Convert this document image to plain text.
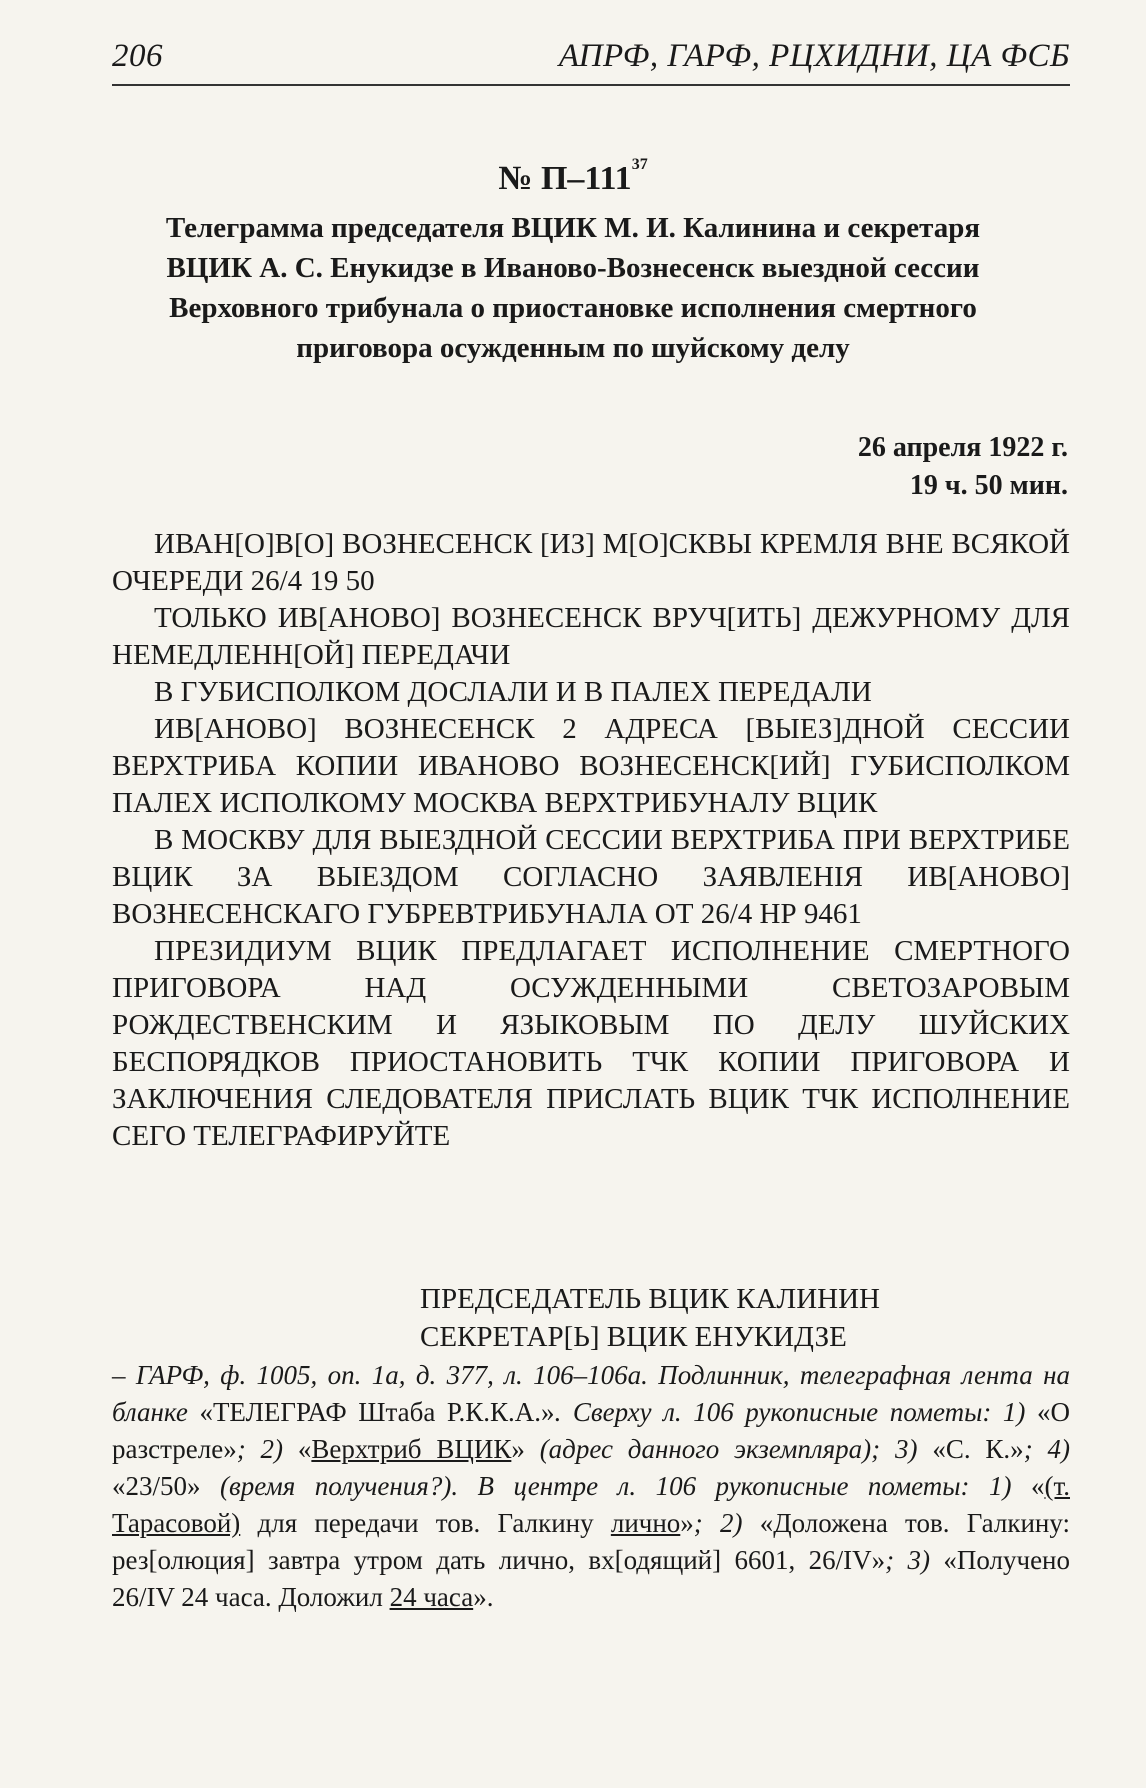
206	АПРФ, ГАРФ, РЦХИДНИ, ЦА ФСБ
№ $П-111^{37}$
Телеграмма председателя ВЦИК М. И. Калинина и секретаря ВЦИК А. С. Енукидзе в Иваново-Вознесенск выездной сессии Верховного трибунала о приостановке исполнения смертного приговора осужденным по шуйскому делу
26 апреля 1922 г.
19 ч. 50 мин.

ИВАН[О]В[О] ВОЗНЕСЕНСК [ИЗ] М[О]СКВЫ КРЕМЛЯ ВНЕ ВСЯКОЙ ОЧЕРЕДИ 26/4 19 50

ТОЛЬКО ИВ[АНОВО] ВОЗНЕСЕНСК ВРУЧ[ИТЬ] ДЕЖУРНОМУ ДЛЯ НЕМЕДЛЕНН[ОЙ] ПЕРЕДАЧИ

В ГУБИСПОЛКОМ ДОСЛАЛИ И В ПАЛЕХ ПЕРЕДАЛИ

ИВ[АНОВО] ВОЗНЕСЕНСК 2 АДРЕСА [ВЫЕЗ]ДНОЙ СЕССИИ ВЕРХТРИБА КОПИИ ИВАНОВО ВОЗНЕСЕНСК[ИЙ] ГУБИСПОЛКОМ ПАЛЕХ ИСПОЛКОМУ МОСКВА ВЕРХТРИБУНАЛУ ВЦИК

В МОСКВУ ДЛЯ ВЫЕЗДНОЙ СЕССИИ ВЕРХТРИБА ПРИ ВЕРХТРИБЕ ВЦИК ЗА ВЫЕЗДОМ СОГЛАСНО ЗАЯВЛЕНIЯ ИВ[АНОВО] ВОЗНЕСЕНСКАГО ГУБРЕВТРИБУНАЛА ОТ 26/4 НР 9461

ПРЕЗИДИУМ ВЦИК ПРЕДЛАГАЕТ ИСПОЛНЕНИЕ СМЕРТНОГО ПРИГОВОРА НАД ОСУЖДЕННЫМИ СВЕТОЗАРОВЫМ РОЖДЕСТВЕНСКИМ И ЯЗЫКОВЫМ ПО ДЕЛУ ШУЙСКИХ БЕСПОРЯДКОВ ПРИОСТАНОВИТЬ ТЧК КОПИИ ПРИГОВОРА И ЗАКЛЮЧЕНИЯ СЛЕДОВАТЕЛЯ ПРИСЛАТЬ ВЦИК ТЧК ИСПОЛНЕНИЕ СЕГО ТЕЛЕГРАФИРУЙТЕ

ПРЕДСЕДАТЕЛЬ ВЦИК КАЛИНИН
СЕКРЕТАР[Ь] ВЦИК ЕНУКИДЗЕ
– ГАРФ, ф. 1005, оп. 1а, д. 377, л. 106–106а. Подлинник, телеграфная лента на бланке «ТЕЛЕГРАФ Штаба Р.К.К.А.». Сверху л. 106 рукописные пометы: 1) «О разстреле»; 2) «Верхтриб ВЦИК» (адрес данного экземпляра); 3) «С. К.»; 4) «23/50» (время получения?). В центре л. 106 рукописные пометы: 1) «(т. Тарасовой) для передачи тов. Галкину лично»; 2) «Доложена тов. Галкину: рез[олюция] завтра утром дать лично, вх[одящий] 6601, 26/IV»; 3) «Получено 26/IV 24 часа. Доложил 24 часа».
